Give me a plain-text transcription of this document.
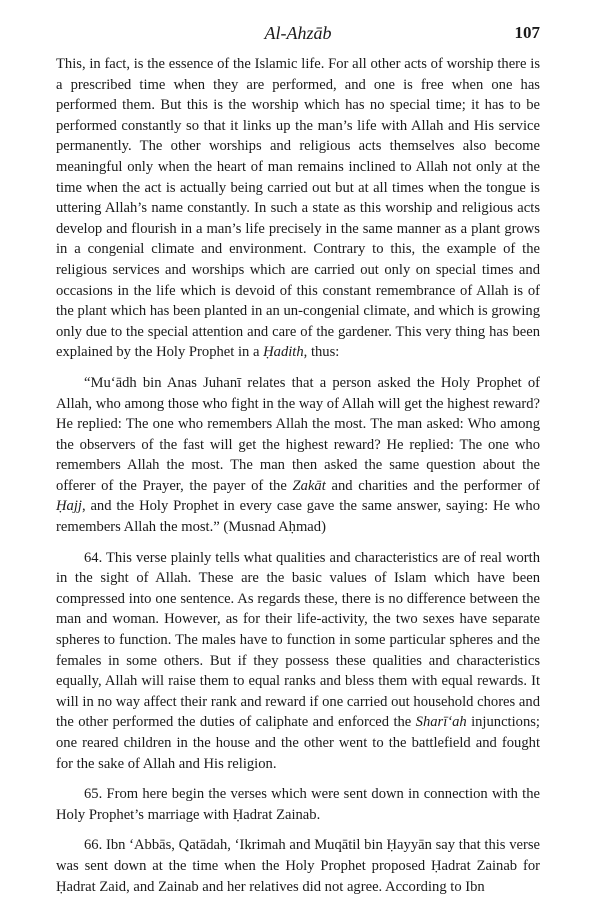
Al-Ahzāb	107

This, in fact, is the essence of the Islamic life. For all other acts of worship there is a prescribed time when they are performed, and one is free when one has performed them. But this is the worship which has no special time; it has to be performed constantly so that it links up the man’s life with Allah and His service permanently. The other worships and religious acts themselves also become meaningful only when the heart of man remains inclined to Allah not only at the time when the act is actually being carried out but at all times when the tongue is uttering Allah’s name constantly. In such a state as this worship and religious acts develop and flourish in a man’s life precisely in the same manner as a plant grows in a congenial climate and environment. Contrary to this, the example of the religious services and worships which are carried out only on special times and occasions in the life which is devoid of this constant remembrance of Allah is of the plant which has been planted in an un-congenial climate, and which is growing only due to the special attention and care of the gardener. This very thing has been explained by the Holy Prophet in a Ḥadith, thus:

“Mu‘ādh bin Anas Juhanī relates that a person asked the Holy Prophet of Allah, who among those who fight in the way of Allah will get the highest reward? He replied: The one who remembers Allah the most. The man asked: Who among the observers of the fast will get the highest reward? He replied: The one who remembers Allah the most. The man then asked the same question about the offerer of the Prayer, the payer of the Zakāt and charities and the performer of Ḥajj, and the Holy Prophet in every case gave the same answer, saying: He who remembers Allah the most.” (Musnad Aḥmad)

64. This verse plainly tells what qualities and characteristics are of real worth in the sight of Allah. These are the basic values of Islam which have been compressed into one sentence. As regards these, there is no difference between the man and woman. However, as for their life-activity, the two sexes have separate spheres to function. The males have to function in some particular spheres and the females in some others. But if they possess these qualities and characteristics equally, Allah will raise them to equal ranks and bless them with equal rewards. It will in no way affect their rank and reward if one carried out household chores and the other performed the duties of caliphate and enforced the Sharī‘ah injunctions; one reared children in the house and the other went to the battlefield and fought for the sake of Allah and His religion.

65. From here begin the verses which were sent down in connection with the Holy Prophet’s marriage with Ḥadrat Zainab.

66. Ibn ‘Abbās, Qatādah, ‘Ikrimah and Muqātil bin Ḥayyān say that this verse was sent down at the time when the Holy Prophet proposed Ḥadrat Zainab for Ḥadrat Zaid, and Zainab and her relatives did not agree. According to Ibn
